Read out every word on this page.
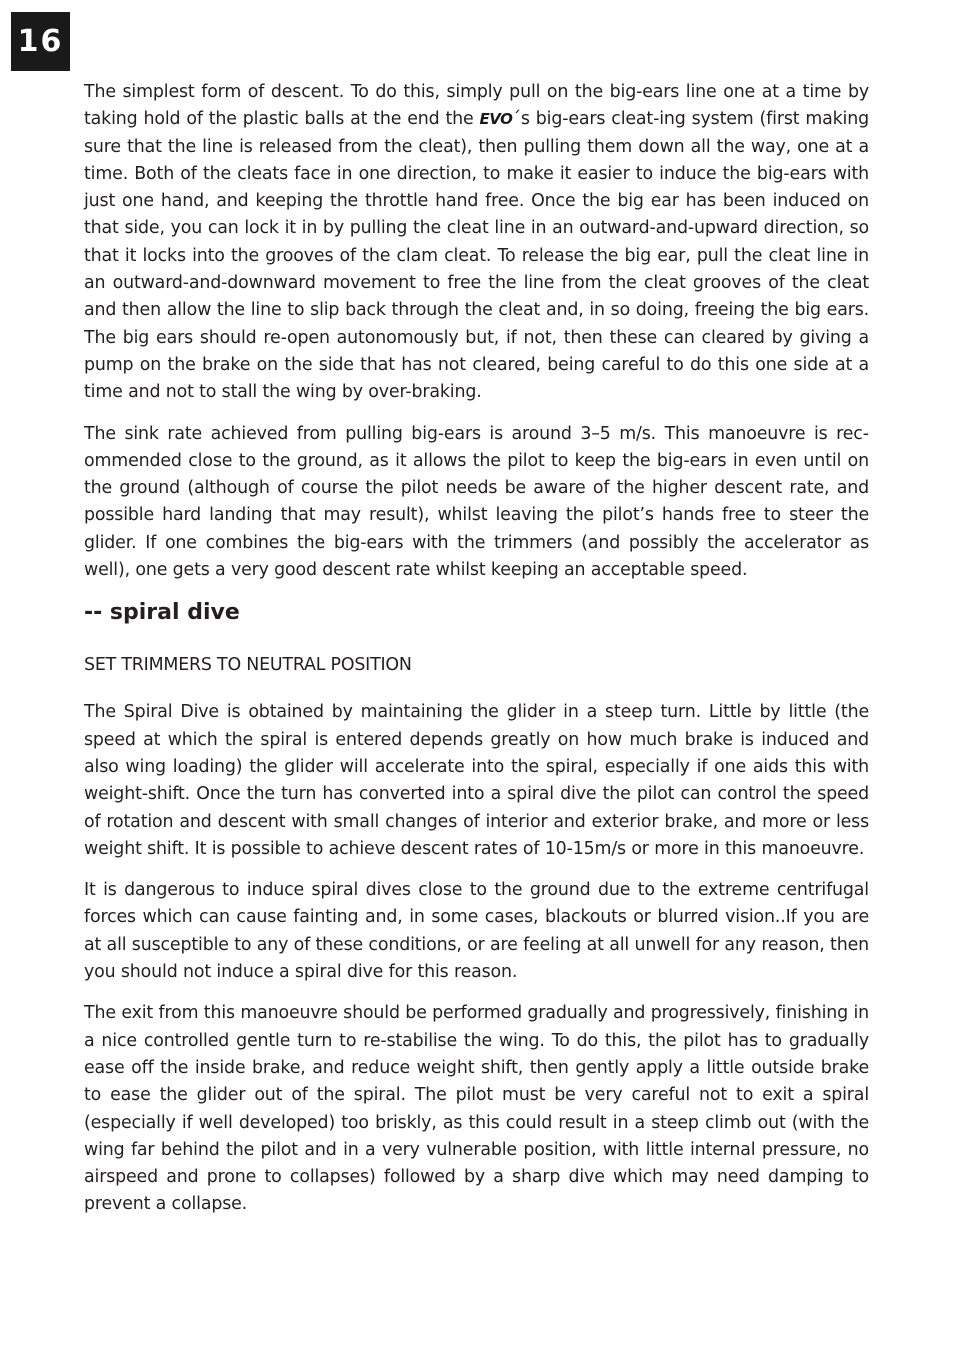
16

The simplest form of descent. To do this, simply pull on the big-ears line one at a time by taking hold of the plastic balls at the end the EVO´s big-ears cleat-ing system (first making sure that the line is released from the cleat), then pulling them down all the way, one at a time. Both of the cleats face in one direction, to make it easier to induce the big-ears with just one hand, and keeping the throttle hand free. Once the big ear has been induced on that side, you can lock it in by pulling the cleat line in an outward-and-upward direction, so that it locks into the grooves of the clam cleat. To release the big ear, pull the cleat line in an outward-and-downward movement to free the line from the cleat grooves of the cleat and then allow the line to slip back through the cleat and, in so doing, freeing the big ears. The big ears should re-open autonomously but, if not, then these can cleared by giving a pump on the brake on the side that has not cleared, being careful to do this one side at a time and not to stall the wing by over-braking.

The sink rate achieved from pulling big-ears is around 3–5 m/s. This manoeuvre is recommended close to the ground, as it allows the pilot to keep the big-ears in even until on the ground (although of course the pilot needs be aware of the higher descent rate, and possible hard landing that may result), whilst leaving the pilot’s hands free to steer the glider. If one combines the big-ears with the trimmers (and possibly the accelerator as well), one gets a very good descent rate whilst keeping an acceptable speed.

-- spiral dive
SET TRIMMERS TO NEUTRAL POSITION

The Spiral Dive is obtained by maintaining the glider in a steep turn. Little by little (the speed at which the spiral is entered depends greatly on how much brake is induced and also wing loading) the glider will accelerate into the spiral, especially if one aids this with weight-shift. Once the turn has converted into a spiral dive the pilot can control the speed of rotation and descent with small changes of interior and exterior brake, and more or less weight shift. It is possible to achieve descent rates of 10-15m/s or more in this manoeuvre.

It is dangerous to induce spiral dives close to the ground due to the extreme centrifugal forces which can cause fainting and, in some cases, blackouts or blurred vision..If you are at all susceptible to any of these conditions, or are feeling at all unwell for any reason, then you should not induce a spiral dive for this reason.

The exit from this manoeuvre should be performed gradually and progressively, finishing in a nice controlled gentle turn to re-stabilise the wing. To do this, the pilot has to gradually ease off the inside brake, and reduce weight shift, then gently apply a little outside brake to ease the glider out of the spiral. The pilot must be very careful not to exit a spiral (especially if well developed) too briskly, as this could result in a steep climb out (with the wing far behind the pilot and in a very vulnerable position, with little internal pressure, no airspeed and prone to collapses) followed by a sharp dive which may need damping to prevent a collapse.
